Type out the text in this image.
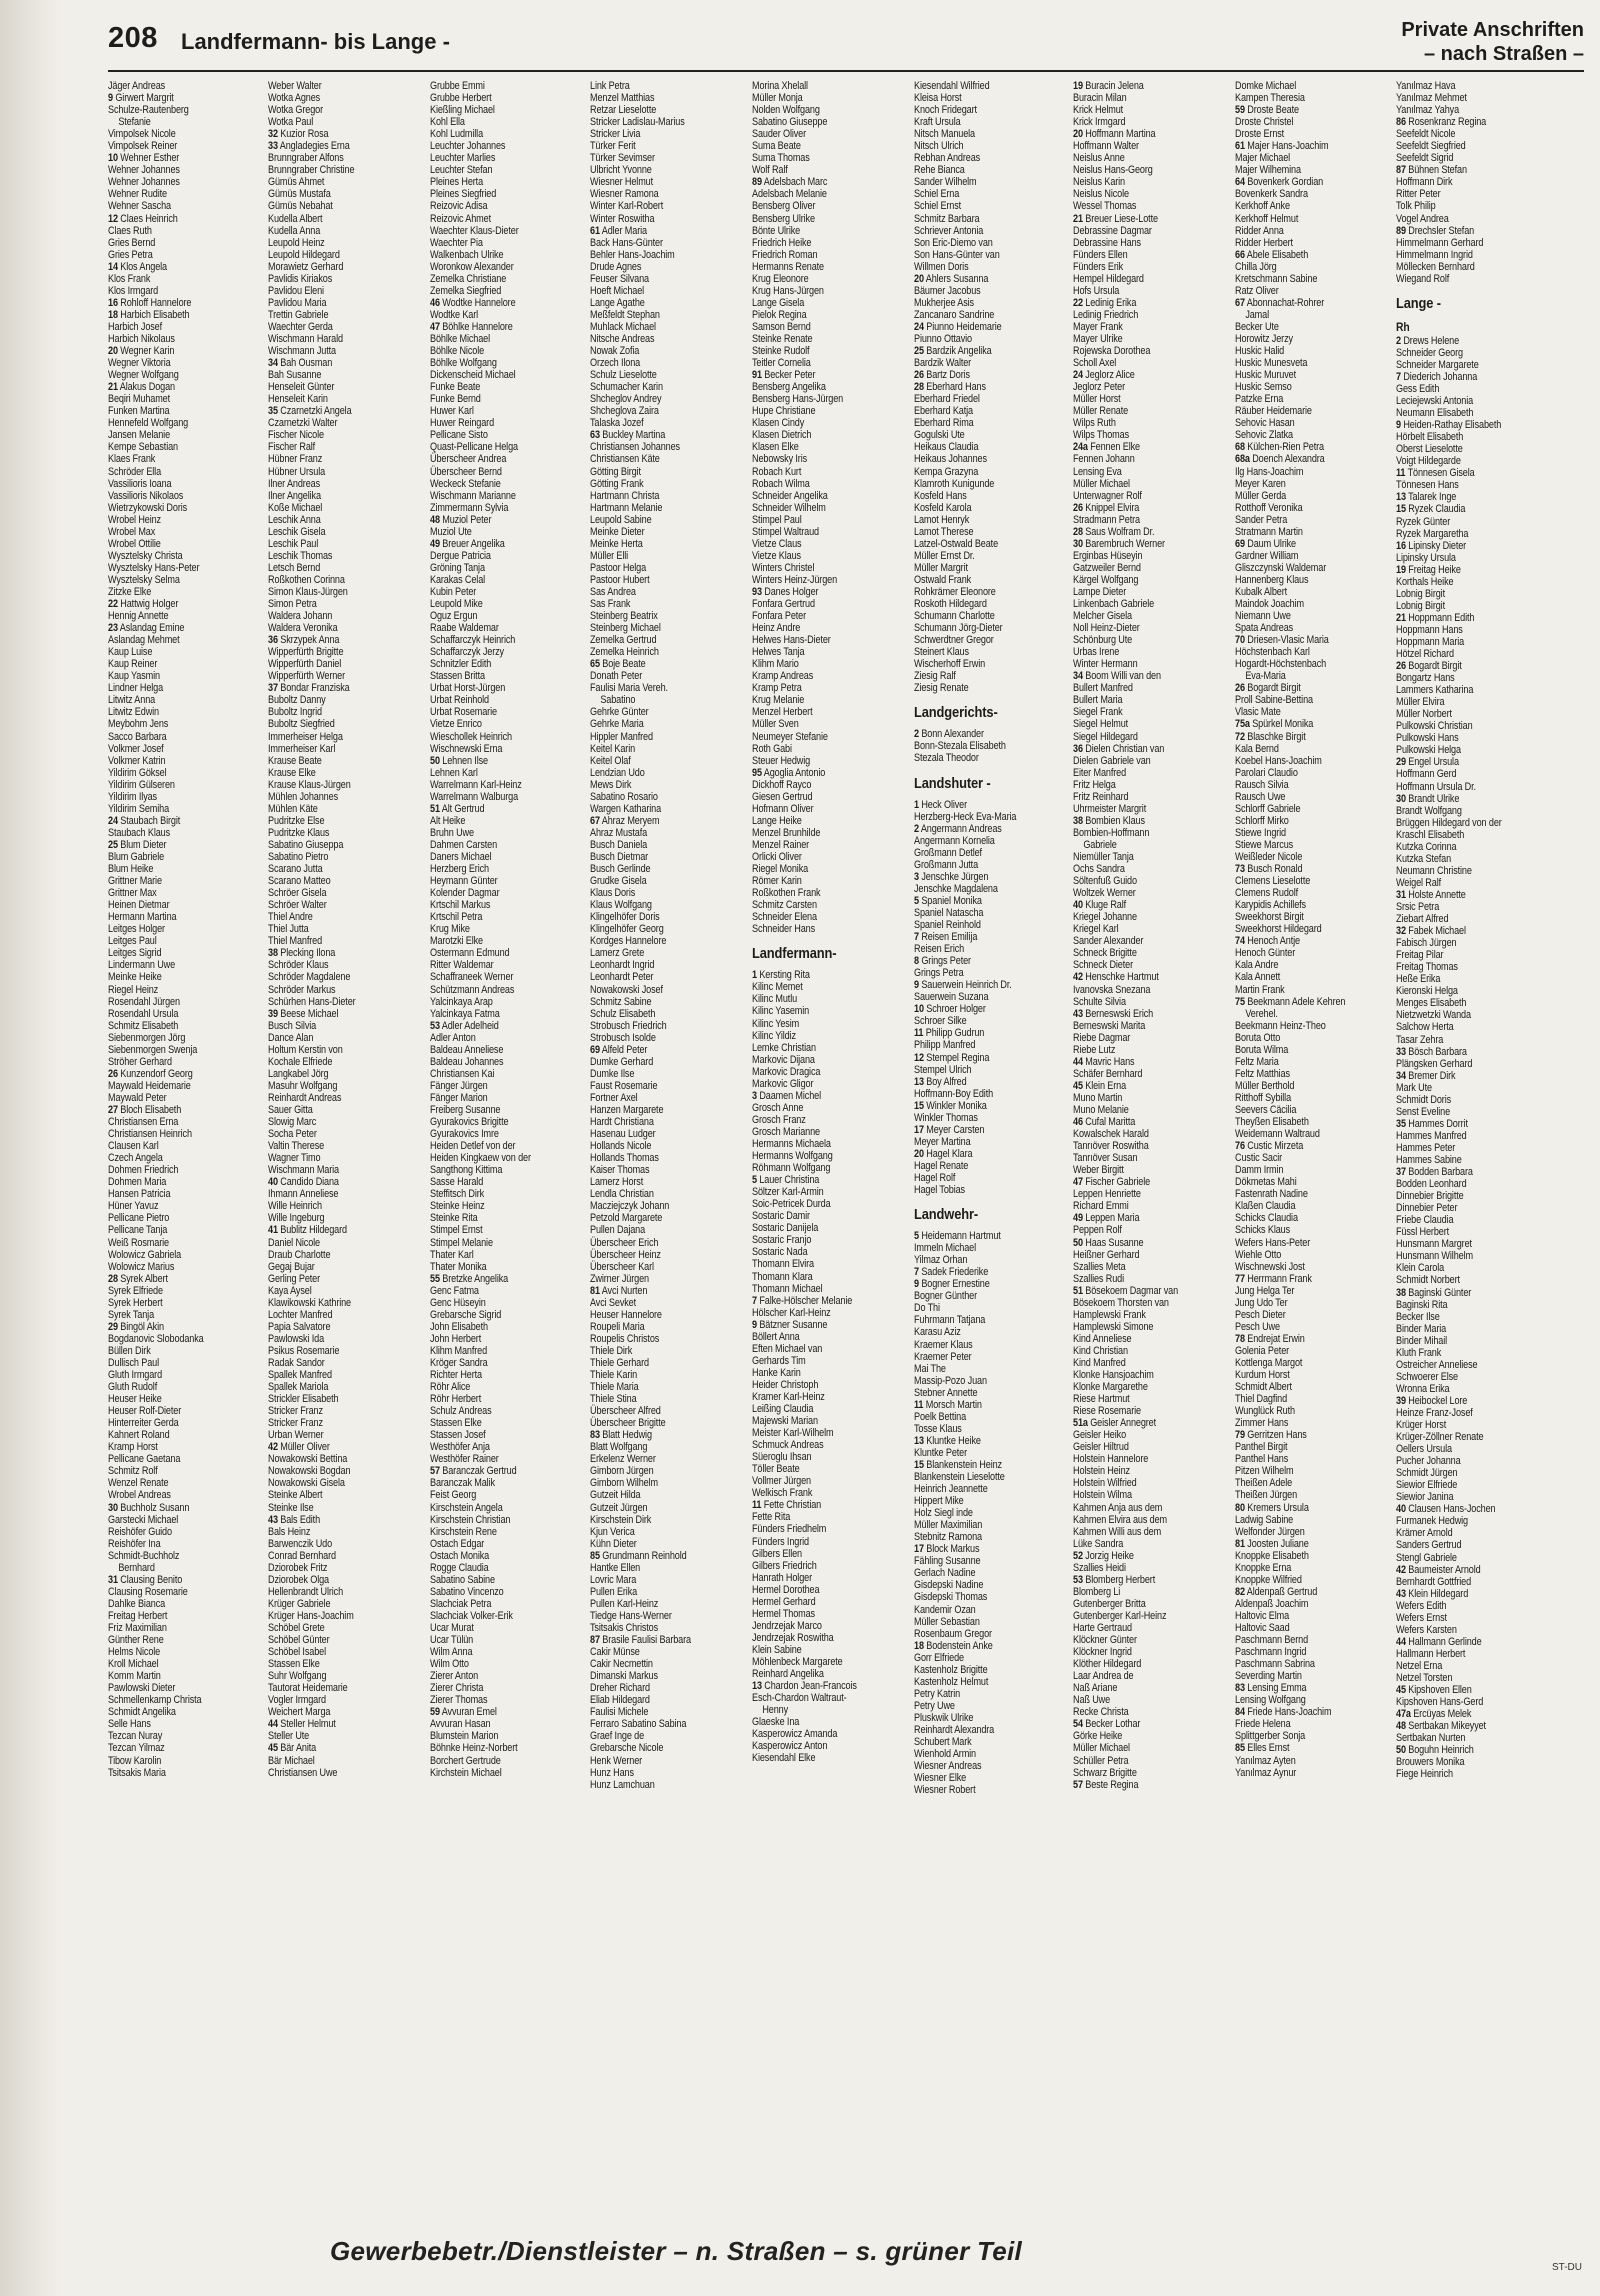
208 Landfermann- bis Lange -	Private Anschriften
– nach Straßen –
Jäger Andreas
9 Girwert Margrit
Schulze-Rautenberg
Stefanie
Vimpolsek Nicole
Vimpolsek Reiner
10 Wehner Esther
Wehner Johannes
Wehner Johannes
Wehner Rudite
Wehner Sascha
12 Claes Heinrich
Claes Ruth
Gries Bernd
Gries Petra
14 Klos Angela
Klos Frank
Klos Irmgard
16 Rohloff Hannelore
18 Harbich Elisabeth
Harbich Josef
Harbich Nikolaus
20 Wegner Karin
Wegner Viktoria
Wegner Wolfgang
21 Alakus Dogan
Beqiri Muhamet
Funken Martina
Hennefeld Wolfgang
Jansen Melanie
Kempe Sebastian
Klaes Frank
Schröder Ella
Vassilioris Ioana
Vassilioris Nikolaos
Wietrzykowski Doris
Wrobel Heinz
Wrobel Max
Wrobel Ottilie
Wysztelsky Christa
Wysztelsky Hans-Peter
Wysztelsky Selma
Zitzke Elke
22 Hattwig Holger
Hennig Annette
23 Aslandag Emine
Aslandag Mehmet
Kaup Luise
Kaup Reiner
Kaup Yasmin
Lindner Helga
Litwitz Anna
Litwitz Edwin
Meybohm Jens
Sacco Barbara
Volkmer Josef
Volkmer Katrin
Yildirim Göksel
Yildirim Gülseren
Yildirim Ilyas
Yildirim Semiha
24 Staubach Birgit
Staubach Klaus
25 Blum Dieter
Blum Gabriele
Blum Heike
Grittner Marie
Grittner Max
Heinen Dietmar
Hermann Martina
Leitges Holger
Leitges Paul
Leitges Sigrid
Lindermann Uwe
Meinke Heike
Riegel Heinz
Rosendahl Jürgen
Rosendahl Ursula
Schmitz Elisabeth
Siebenmorgen Jörg
Siebenmorgen Swenja
Ströher Gerhard
26 Kunzendorf Georg
Maywald Heidemarie
Maywald Peter
27 Bloch Elisabeth
Christiansen Erna
Christiansen Heinrich
Clausen Karl
Czech Angela
Dohmen Friedrich
Dohmen Maria
Hansen Patricia
Hüner Yavuz
Pellicane Pietro
Pellicane Tanja
Weiß Rosmarie
Wolowicz Gabriela
Wolowicz Marius
28 Syrek Albert
Syrek Elfriede
Syrek Herbert
Syrek Tanja
29 Bingöl Akin
Bogdanovic Slobodanka
Büllen Dirk
Dullisch Paul
Gluth Irmgard
Gluth Rudolf
Heuser Heike
Heuser Rolf-Dieter
Hinterreiter Gerda
Kahnert Roland
Kramp Horst
Pellicane Gaetana
Schmitz Rolf
Wenzel Renate
Wrobel Andreas
30 Buchholz Susann
Garstecki Michael
Reishöfer Guido
Reishöfer Ina
Schmidt-Buchholz
Bernhard
31 Clausing Benito
Clausing Rosemarie
Dahlke Bianca
Freitag Herbert
Friz Maximilian
Günther Rene
Helms Nicole
Kroll Michael
Komm Martin
Pawlowski Dieter
Schmellenkamp Christa
Schmidt Angelika
Selle Hans
Tezcan Nuray
Tezcan Yilmaz
Tibow Karolin
Tsitsakis Maria
Weber Walter
Wotka Agnes
Wotka Gregor
Wotka Paul
32 Kuzior Rosa
33 Angladegies Erna
Brunngraber Alfons
Brunngraber Christine
Gümüs Ahmet
Gümüs Mustafa
Gümüs Nebahat
Kudella Albert
Kudella Anna
Leupold Heinz
Leupold Hildegard
Morawietz Gerhard
Pavlidis Kiriakos
Pavlidou Eleni
Pavlidou Maria
Trettin Gabriele
Waechter Gerda
Wischmann Harald
Wischmann Jutta
34 Bah Ousman
Bah Susanne
Henseleit Günter
Henseleit Karin
35 Czarnetzki Angela
Czarnetzki Walter
Fischer Nicole
Fischer Ralf
Hübner Franz
Hübner Ursula
Ilner Andreas
Ilner Angelika
Koße Michael
Leschik Anna
Leschik Gisela
Leschik Paul
Leschik Thomas
Letsch Bernd
Roßkothen Corinna
Simon Klaus-Jürgen
Simon Petra
Waldera Johann
Waldera Veronika
36 Skrzypek Anna
Wipperfürth Brigitte
Wipperfürth Daniel
Wipperfürth Werner
37 Bondar Franziska
Buboltz Danny
Buboltz Ingrid
Buboltz Siegfried
Immerheiser Helga
Immerheiser Karl
Krause Beate
Krause Elke
Krause Klaus-Jürgen
Mühlen Johannes
Mühlen Käte
Pudritzke Else
Pudritzke Klaus
Sabatino Giuseppa
Sabatino Pietro
Scarano Jutta
Scarano Matteo
Schröer Gisela
Schröer Walter
Thiel Andre
Thiel Jutta
Thiel Manfred
38 Plecking Ilona
Schröder Klaus
Schröder Magdalene
Schröder Markus
Schürhen Hans-Dieter
39 Beese Michael
Busch Silvia
Dance Alan
Holtum Kerstin von
Kochale Elfriede
Langkabel Jörg
Masuhr Wolfgang
Reinhardt Andreas
Sauer Gitta
Slowig Marc
Socha Peter
Valtin Therese
Wagner Timo
Wischmann Maria
40 Candido Diana
Ihmann Anneliese
Wille Heinrich
Wille Ingeburg
41 Bublitz Hildegard
Daniel Nicole
Draub Charlotte
Gegaj Bujar
Gerling Peter
Kaya Aysel
Klawikowski Kathrine
Lochter Manfred
Papia Salvatore
Pawlowski Ida
Psikus Rosemarie
Radak Sandor
Spallek Manfred
Spallek Mariola
Strickler Elisabeth
Stricker Franz
Stricker Franz
Urban Werner
42 Müller Oliver
Nowakowski Bettina
Nowakowski Bogdan
Nowakowski Gisela
Steinke Albert
Steinke Ilse
43 Bals Edith
Bals Heinz
Barwenczik Udo
Conrad Bernhard
Dziorobek Fritz
Dziorobek Olga
Hellenbrandt Ulrich
Krüger Gabriele
Krüger Hans-Joachim
Schöbel Grete
Schöbel Günter
Schöbel Isabel
Stassen Elke
Suhr Wolfgang
Tautorat Heidemarie
Vogler Irmgard
Weichert Marga
44 Steller Helmut
Steller Ute
45 Bär Anita
Bär Michael
Christiansen Uwe
Grubbe Emmi
Grubbe Herbert
Kießling Michael
Kohl Ella
Kohl Ludmilla
Leuchter Johannes
Leuchter Marlies
Leuchter Stefan
Pleines Herta
Pleines Siegfried
Reizovic Adisa
Reizovic Ahmet
Waechter Klaus-Dieter
Waechter Pia
Walkenbach Ulrike
Woronkow Alexander
Zemelka Christiane
Zemelka Siegfried
46 Wodtke Hannelore
Wodtke Karl
47 Böhlke Hannelore
Böhlke Michael
Böhlke Nicole
Böhlke Wolfgang
Dickenscheid Michael
Funke Beate
Funke Bernd
Huwer Karl
Huwer Reingard
Pellicane Sisto
Quast-Pellicane Helga
Überscheer Andrea
Überscheer Bernd
Weckeck Stefanie
Wischmann Marianne
Zimmermann Sylvia
48 Muziol Peter
Muziol Ute
49 Breuer Angelika
Dergue Patricia
Gröning Tanja
Karakas Celal
Kubin Peter
Leupold Mike
Oguz Ergun
Raabe Waldemar
Schaffarczyk Heinrich
Schaffarczyk Jerzy
Schnitzler Edith
Stassen Britta
Urbat Horst-Jürgen
Urbat Reinhold
Urbat Rosemarie
Vietze Enrico
Wieschollek Heinrich
Wischnewski Erna
50 Lehnen Ilse
Lehnen Karl
Warrelmann Karl-Heinz
Warrelmann Walburga
51 Alt Gertrud
Alt Heike
Bruhn Uwe
Dahmen Carsten
Daners Michael
Herzberg Erich
Heymann Günter
Kolender Dagmar
Krtschil Markus
Krtschil Petra
Krug Mike
Marotzki Elke
Ostermann Edmund
Ritter Waldemar
Schaffraneek Werner
Schützmann Andreas
Yalcinkaya Arap
Yalcinkaya Fatma
53 Adler Adelheid
Adler Anton
Baldeau Anneliese
Baldeau Johannes
Christiansen Kai
Fänger Jürgen
Fänger Marion
Freiberg Susanne
Gyurakovics Brigitte
Gyurakovics Imre
Heiden Detlef von der
Heiden Kingkaew von der
Sangthong Kittima
Sasse Harald
Steffitsch Dirk
Steinke Heinz
Steinke Rita
Stimpel Ernst
Stimpel Melanie
Thater Karl
Thater Monika
55 Bretzke Angelika
Genc Fatma
Genc Hüseyin
Grebarsche Sigrid
John Elisabeth
John Herbert
Klihm Manfred
Kröger Sandra
Richter Herta
Röhr Alice
Röhr Herbert
Schulz Andreas
Stassen Elke
Stassen Josef
Westhöfer Anja
Westhöfer Rainer
57 Baranczak Gertrud
Baranczak Malik
Feist Georg
Kirschstein Angela
Kirschstein Christian
Kirschstein Rene
Ostach Edgar
Ostach Monika
Rogge Claudia
Sabatino Sabine
Sabatino Vincenzo
Slachciak Petra
Slachciak Volker-Erik
Ucar Murat
Ucar Tülün
Wilm Anna
Wilm Otto
Zierer Anton
Zierer Christa
Zierer Thomas
59 Avvuran Emel
Avvuran Hasan
Blumstein Marion
Böhnke Heinz-Norbert
Borchert Gertrude
Kirchstein Michael
Link Petra
Menzel Matthias
Retzar Lieselotte
Stricker Ladislau-Marius
Stricker Livia
Türker Ferit
Türker Sevimser
Ulbricht Yvonne
Wiesner Helmut
Wiesner Ramona
Winter Karl-Robert
Winter Roswitha
61 Adler Maria
Back Hans-Günter
Behler Hans-Joachim
Drude Agnes
Feuser Silvana
Hoeft Michael
Lange Agathe
Meßfeldt Stephan
Muhlack Michael
Nitsche Andreas
Nowak Zofia
Orzech Ilona
Schulz Lieselotte
Schumacher Karin
Shcheglov Andrey
Shcheglova Zaira
Talaska Jozef
63 Buckley Martina
Christiansen Johannes
Christiansen Käte
Götting Birgit
Götting Frank
Hartmann Christa
Hartmann Melanie
Leupold Sabine
Meinke Dieter
Meinke Herta
Müller Elli
Pastoor Helga
Pastoor Hubert
Sas Andrea
Sas Frank
Steinberg Beatrix
Steinberg Michael
Zemelka Gertrud
Zemelka Heinrich
65 Boje Beate
Donath Peter
Faulisi Maria Vereh.
Sabatino
Gehrke Günter
Gehrke Maria
Hippler Manfred
Keitel Karin
Keitel Olaf
Lendzian Udo
Mews Dirk
Sabatino Rosario
Wargen Katharina
67 Ahraz Meryem
Ahraz Mustafa
Busch Daniela
Busch Dietmar
Busch Gerlinde
Grudke Gisela
Klaus Doris
Klaus Wolfgang
Klingelhöfer Doris
Klingelhöfer Georg
Kordges Hannelore
Lamerz Grete
Leonhardt Ingrid
Leonhardt Peter
Nowakowski Josef
Schmitz Sabine
Schulz Elisabeth
Strobusch Friedrich
Strobusch Isolde
69 Alfeld Peter
Dumke Gerhard
Dumke Ilse
Faust Rosemarie
Fortner Axel
Hanzen Margarete
Hardt Christiana
Hasenau Ludger
Hollands Nicole
Hollands Thomas
Kaiser Thomas
Lamerz Horst
Lendla Christian
Macziejczyk Johann
Petzold Margarete
Pullen Dajana
Überscheer Erich
Überscheer Heinz
Überscheer Karl
Zwirner Jürgen
81 Avci Nurten
Avci Sevket
Heuser Hannelore
Roupeli Maria
Roupelis Christos
Thiele Dirk
Thiele Gerhard
Thiele Karin
Thiele Maria
Thiele Stina
Überscheer Alfred
Überscheer Brigitte
83 Blatt Hedwig
Blatt Wolfgang
Erkelenz Werner
Gimborn Jürgen
Gimborn Wilhelm
Gutzeit Hilda
Gutzeit Jürgen
Kirschstein Dirk
Kjun Verica
Kühn Dieter
85 Grundmann Reinhold
Hantke Ellen
Lovric Mara
Pullen Erika
Pullen Karl-Heinz
Tiedge Hans-Werner
Tsitsakis Christos
87 Brasile Faulisi Barbara
Cakir Münse
Cakir Necmettin
Dimanski Markus
Dreher Richard
Eliab Hildegard
Faulisi Michele
Ferraro Sabatino Sabina
Graef Inge de
Grebarsche Nicole
Henk Werner
Hunz Hans
Hunz Lamchuan
Morina Xhelall
Müller Monja
Nolden Wolfgang
Sabatino Giuseppe
Sauder Oliver
Suma Beate
Suma Thomas
Wolf Ralf
89 Adelsbach Marc
Adelsbach Melanie
Bensberg Oliver
Bensberg Ulrike
Bönte Ulrike
Friedrich Heike
Friedrich Roman
Hermanns Renate
Krug Eleonore
Krug Hans-Jürgen
Lange Gisela
Pielok Regina
Samson Bernd
Steinke Renate
Steinke Rudolf
Teitler Cornelia
91 Becker Peter
Bensberg Angelika
Bensberg Hans-Jürgen
Hupe Christiane
Klasen Cindy
Klasen Dietrich
Klasen Elke
Nebowsky Iris
Robach Kurt
Robach Wilma
Schneider Angelika
Schneider Wilhelm
Stimpel Paul
Stimpel Waltraud
Vietze Claus
Vietze Klaus
Winters Christel
Winters Heinz-Jürgen
93 Danes Holger
Fonfara Gertrud
Fonfara Peter
Heinz Andre
Helwes Hans-Dieter
Helwes Tanja
Klihm Mario
Kramp Andreas
Kramp Petra
Krug Melanie
Menzel Herbert
Müller Sven
Neumeyer Stefanie
Roth Gabi
Steuer Hedwig
95 Agoglia Antonio
Dickhoff Rayco
Giesen Gertrud
Hofmann Oliver
Lange Heike
Menzel Brunhilde
Menzel Rainer
Orlicki Oliver
Riegel Monika
Römer Karin
Roßkothen Frank
Schmitz Carsten
Schneider Elena
Schneider Hans
Landfermann-
1 Kersting Rita
Kilinc Memet
Kilinc Mutlu
Kilinc Yasemin
Kilinc Yesim
Kilinc Yildiz
Lemke Christian
Markovic Dijana
Markovic Dragica
Markovic Gligor
3 Daamen Michel
Grosch Anne
Grosch Franz
Grosch Marianne
Hermanns Michaela
Hermanns Wolfgang
Röhmann Wolfgang
5 Lauer Christina
Söltzer Karl-Armin
Soic-Petricek Durda
Sostaric Damir
Sostaric Danijela
Sostaric Franjo
Sostaric Nada
Thomann Elvira
Thomann Klara
Thomann Michael
7 Falke-Hölscher Melanie
Hölscher Karl-Heinz
9 Bätzner Susanne
Böllert Anna
Eften Michael van
Gerhards Tim
Hanke Karin
Heider Christoph
Kramer Karl-Heinz
Leißing Claudia
Majewski Marian
Meister Karl-Wilhelm
Schmuck Andreas
Süeroglu Ihsan
Töller Beate
Vollmer Jürgen
Welkisch Frank
11 Fette Christian
Fette Rita
Fünders Friedhelm
Fünders Ingrid
Gilbers Ellen
Gilbers Friedrich
Hanrath Holger
Hermel Dorothea
Hermel Gerhard
Hermel Thomas
Jendrzejak Marco
Jendrzejak Roswitha
Klein Sabine
Möhlenbeck Margarete
Reinhard Angelika
13 Chardon Jean-Francois
Esch-Chardon Waltraut-
Henny
Glaeske Ina
Kasperowicz Amanda
Kasperowicz Anton
Kiesendahl Elke
Kiesendahl Wilfried
Kleisa Horst
Knoch Fridegart
Kraft Ursula
Nitsch Manuela
Nitsch Ulrich
Rebhan Andreas
Rehe Bianca
Sander Wilhelm
Schiel Erna
Schiel Ernst
Schmitz Barbara
Schriever Antonia
Son Eric-Diemo van
Son Hans-Günter van
Willmen Doris
20 Ahlers Susanna
Bäumer Jacobus
Mukherjee Asis
Zancanaro Sandrine
24 Piunno Heidemarie
Piunno Ottavio
25 Bardzik Angelika
Bardzik Walter
26 Bartz Doris
28 Eberhard Hans
Eberhard Friedel
Eberhard Katja
Eberhard Rima
Gogulski Ute
Heikaus Claudia
Heikaus Johannes
Kempa Grazyna
Klamroth Kunigunde
Kosfeld Hans
Kosfeld Karola
Lamot Henryk
Lamot Therese
Latzel-Ostwald Beate
Müller Ernst Dr.
Müller Margrit
Ostwald Frank
Rohkrämer Eleonore
Roskoth Hildegard
Schumann Charlotte
Schumann Jörg-Dieter
Schwerdtner Gregor
Steinert Klaus
Wischerhoff Erwin
Ziesig Ralf
Ziesig Renate
Landgerichts-
2 Bonn Alexander
Bonn-Stezala Elisabeth
Stezala Theodor
Landshuter -
1 Heck Oliver
Herzberg-Heck Eva-Maria
2 Angermann Andreas
Angermann Kornelia
Großmann Detlef
Großmann Jutta
3 Jenschke Jürgen
Jenschke Magdalena
5 Spaniel Monika
Spaniel Natascha
Spaniel Reinhold
7 Reisen Emilija
Reisen Erich
8 Grings Peter
Grings Petra
9 Sauerwein Heinrich Dr.
Sauerwein Suzana
10 Schroer Holger
Schroer Silke
11 Philipp Gudrun
Philipp Manfred
12 Stempel Regina
Stempel Ulrich
13 Boy Alfred
Hoffmann-Boy Edith
15 Winkler Monika
Winkler Thomas
17 Meyer Carsten
Meyer Martina
20 Hagel Klara
Hagel Renate
Hagel Rolf
Hagel Tobias
Landwehr-
5 Heidemann Hartmut
Immeln Michael
Yilmaz Orhan
7 Sadek Friederike
9 Bogner Ernestine
Bogner Günther
Do Thi
Fuhrmann Tatjana
Karasu Aziz
Kraemer Klaus
Kraemer Peter
Mai The
Massip-Pozo Juan
Stebner Annette
11 Morsch Martin
Poelk Bettina
Tosse Klaus
13 Kluntke Heike
Kluntke Peter
15 Blankenstein Heinz
Blankenstein Lieselotte
Heinrich Jeannette
Hippert Mike
Holz Siegl inde
Müller Maximilian
Stebnitz Ramona
17 Block Markus
Fähling Susanne
Gerlach Nadine
Gisdepski Nadine
Gisdepski Thomas
Kandemir Ozan
Müller Sebastian
Rosenbaum Gregor
18 Bodenstein Anke
Gorr Elfriede
Kastenholz Brigitte
Kastenholz Helmut
Petry Katrin
Petry Uwe
Pluskwik Ulrike
Reinhardt Alexandra
Schubert Mark
Wienhold Armin
Wiesner Andreas
Wiesner Elke
Wiesner Robert
19 Buracin Jelena
Buracin Milan
Krick Helmut
Krick Irmgard
20 Hoffmann Martina
Hoffmann Walter
Neislus Anne
Neislus Hans-Georg
Neislus Karin
Neislus Nicole
Wessel Thomas
21 Breuer Liese-Lotte
Debrassine Dagmar
Debrassine Hans
Fünders Ellen
Fünders Erik
Hempel Hildegard
Hofs Ursula
22 Ledinig Erika
Ledinig Friedrich
Mayer Frank
Mayer Ulrike
Rojewska Dorothea
Scholl Axel
24 Jeglorz Alice
Jeglorz Peter
Müller Horst
Müller Renate
Wilps Ruth
Wilps Thomas
24a Fennen Elke
Fennen Johann
Lensing Eva
Müller Michael
Unterwagner Rolf
26 Knippel Elvira
Stradmann Petra
28 Saus Wolfram Dr.
30 Barembruch Werner
Erginbas Hüseyin
Gatzweiler Bernd
Kärgel Wolfgang
Lampe Dieter
Linkenbach Gabriele
Melcher Gisela
Noll Heinz-Dieter
Schönburg Ute
Urbas Irene
Winter Hermann
34 Boom Willi van den
Bullert Manfred
Bullert Maria
Siegel Frank
Siegel Helmut
Siegel Hildegard
36 Dielen Christian van
Dielen Gabriele van
Eiter Manfred
Fritz Helga
Fritz Reinhard
Uhrmeister Margrit
38 Bombien Klaus
Bombien-Hoffmann
Gabriele
Niemüller Tanja
Ochs Sandra
Söltenfuß Guido
Woltzek Werner
40 Kluge Ralf
Kriegel Johanne
Kriegel Karl
Sander Alexander
Schneck Brigitte
Schneck Dieter
42 Henschke Hartmut
Ivanovska Snezana
Schulte Silvia
43 Berneswski Erich
Berneswski Marita
Riebe Dagmar
Riebe Lutz
44 Mavric Hans
Schäfer Bernhard
45 Klein Erna
Muno Martin
Muno Melanie
46 Cufal Maritta
Kowalschek Harald
Tanrıöver Roswitha
Tanrıöver Susan
Weber Birgitt
47 Fischer Gabriele
Leppen Henriette
Richard Emmi
49 Leppen Maria
Peppen Rolf
50 Haas Susanne
Heißner Gerhard
Szallies Meta
Szallies Rudi
51 Bösekoem Dagmar van
Bösekoem Thorsten van
Hamplewski Frank
Hamplewski Simone
Kind Anneliese
Kind Christian
Kind Manfred
Klonke Hansjoachim
Klonke Margarethe
Riese Hartmut
Riese Rosemarie
51a Geisler Annegret
Geisler Heiko
Geisler Hiltrud
Holstein Hannelore
Holstein Heinz
Holstein Wilfried
Holstein Wilma
Kahmen Anja aus dem
Kahmen Elvira aus dem
Kahmen Willi aus dem
Lüke Sandra
52 Jorzig Heike
Szallies Heidi
53 Blomberg Herbert
Blomberg Li
Gutenberger Britta
Gutenberger Karl-Heinz
Harte Gertraud
Klöckner Günter
Klöckner Ingrid
Klöther Hildegard
Laar Andrea de
Naß Ariane
Naß Uwe
Recke Christa
54 Becker Lothar
Görke Heike
Müller Michael
Schüller Petra
Schwarz Brigitte
57 Beste Regina
Domke Michael
Kampen Theresia
59 Droste Beate
Droste Christel
Droste Ernst
61 Majer Hans-Joachim
Majer Michael
Majer Wilhemina
64 Bovenkerk Gordian
Bovenkerk Sandra
Kerkhoff Anke
Kerkhoff Helmut
Ridder Anna
Ridder Herbert
66 Abele Elisabeth
Chilla Jörg
Kretschmann Sabine
Ratz Oliver
67 Abonnachat-Rohrer
Jamal
Becker Ute
Horowitz Jerzy
Huskic Halid
Huskic Munesveta
Huskic Muruvet
Huskic Semso
Patzke Erna
Räuber Heidemarie
Sehovic Hasan
Sehovic Zlatka
68 Külchen-Rien Petra
68a Doench Alexandra
Ilg Hans-Joachim
Meyer Karen
Müller Gerda
Rotthoff Veronika
Sander Petra
Stratmann Martin
69 Daum Ulrike
Gardner William
Gliszczynski Waldemar
Hannenberg Klaus
Kubalk Albert
Maindok Joachim
Niemann Uwe
Spata Andreas
70 Driesen-Vlasic Maria
Höchstenbach Karl
Hogardt-Höchstenbach
Eva-Maria
26 Bogardt Birgit
Proll Sabine-Bettina
Vlasic Mate
75a Spürkel Monika
72 Blaschke Birgit
Kala Bernd
Koebel Hans-Joachim
Parolari Claudio
Rausch Silvia
Rausch Uwe
Schlorff Gabriele
Schlorff Mirko
Stiewe Ingrid
Stiewe Marcus
Weißleder Nicole
73 Busch Ronald
Clemens Lieselotte
Clemens Rudolf
Karypidis Achillefs
Sweekhorst Birgit
Sweekhorst Hildegard
74 Henoch Antje
Henoch Günter
Kala Andre
Kala Annett
Martin Frank
75 Beekmann Adele Kehren
Verehel.
Beekmann Heinz-Theo
Boruta Otto
Boruta Wilma
Feltz Maria
Feltz Matthias
Müller Berthold
Ritthoff Sybilla
Seevers Cäcilia
Theyßen Elisabeth
Weidemann Waltraud
76 Custic Mirzeta
Custic Sacir
Damm Irmin
Dökmetas Mahi
Fastenrath Nadine
Klaßen Claudia
Schicks Claudia
Schicks Klaus
Wefers Hans-Peter
Wiehle Otto
Wischnewski Jost
77 Herrmann Frank
Jung Helga Ter
Jung Udo Ter
Pesch Dieter
Pesch Uwe
78 Endrejat Erwin
Golenia Peter
Kottlenga Margot
Kurdum Horst
Schmidt Albert
Thiel Dagfind
Wunglück Ruth
Zimmer Hans
79 Gerritzen Hans
Panthel Birgit
Panthel Hans
Pitzen Wilhelm
Theißen Adele
Theißen Jürgen
80 Kremers Ursula
Ladwig Sabine
Welfonder Jürgen
81 Joosten Juliane
Knoppke Elisabeth
Knoppke Erna
Knoppke Wilfried
82 Aldenpaß Gertrud
Aldenpaß Joachim
Haltovic Elma
Haltovic Saad
Paschmann Bernd
Paschmann Ingrid
Paschmann Sabrina
Severding Martin
83 Lensing Emma
Lensing Wolfgang
84 Friede Hans-Joachim
Friede Helena
Splittgerber Sonja
85 Elles Ernst
Yanılmaz Ayten
Yanılmaz Aynur
Yanılmaz Hava
Yanılmaz Mehmet
Yanılmaz Yahya
86 Rosenkranz Regina
Seefeldt Nicole
Seefeldt Siegfried
Seefeldt Sigrid
87 Bühnen Stefan
Hoffmann Dirk
Ritter Peter
Tolk Philip
Vogel Andrea
89 Drechsler Stefan
Himmelmann Gerhard
Himmelmann Ingrid
Möllecken Bernhard
Wiegand Rolf
Lange -
Rh
2 Drews Helene
Schneider Georg
Schneider Margarete
7 Diederich Johanna
Gess Edith
Leciejewski Antonia
Neumann Elisabeth
9 Heiden-Rathay Elisabeth
Hörbelt Elisabeth
Oberst Lieselotte
Voigt Hildegarde
11 Tönnesen Gisela
Tönnesen Hans
13 Talarek Inge
15 Ryzek Claudia
Ryzek Günter
Ryzek Margaretha
16 Lipinsky Dieter
Lipinsky Ursula
19 Freitag Heike
Korthals Heike
Lobnig Birgit
Lobnig Birgit
21 Hoppmann Edith
Hoppmann Hans
Hoppmann Maria
Hötzel Richard
26 Bogardt Birgit
Bongartz Hans
Lammers Katharina
Müller Elvira
Müller Norbert
Pulkowski Christian
Pulkowski Hans
Pulkowski Helga
29 Engel Ursula
Hoffmann Gerd
Hoffmann Ursula Dr.
30 Brandt Ulrike
Brandt Wolfgang
Brüggen Hildegard von der
Kraschl Elisabeth
Kutzka Corinna
Kutzka Stefan
Neumann Christine
Weigel Ralf
31 Holste Annette
Srsic Petra
Ziebart Alfred
32 Fabek Michael
Fabisch Jürgen
Freitag Pilar
Freitag Thomas
Heße Erika
Kieronski Helga
Menges Elisabeth
Nietzwetzki Wanda
Salchow Herta
Tasar Zehra
33 Bösch Barbara
Plängsken Gerhard
34 Bremer Dirk
Mark Ute
Schmidt Doris
Senst Eveline
35 Hammes Dorrit
Hammes Manfred
Hammes Peter
Hammes Sabine
37 Bodden Barbara
Bodden Leonhard
Dinnebier Brigitte
Dinnebier Peter
Friebe Claudia
Füssl Herbert
Hunsmann Margret
Hunsmann Wilhelm
Klein Carola
Schmidt Norbert
38 Baginski Günter
Baginski Rita
Becker Ilse
Binder Maria
Binder Mihail
Kluth Frank
Ostreicher Anneliese
Schwoerer Else
Wronna Erika
39 Heibockel Lore
Heinze Franz-Josef
Krüger Horst
Krüger-Zöllner Renate
Oellers Ursula
Pucher Johanna
Schmidt Jürgen
Siewior Elfriede
Siewior Janina
40 Clausen Hans-Jochen
Furmanek Hedwig
Krämer Arnold
Sanders Gertrud
Stengl Gabriele
42 Baumeister Arnold
Bernhardt Gottfried
43 Klein Hildegard
Wefers Edith
Wefers Ernst
Wefers Karsten
44 Hallmann Gerlinde
Hallmann Herbert
Netzel Erna
Netzel Torsten
45 Kipshoven Ellen
Kipshoven Hans-Gerd
47a Ercüyas Melek
48 Sertbakan Mikeyyet
Sertbakan Nurten
50 Boguhn Heinrich
Brouwers Monika
Fiege Heinrich
Gewerbebetr./Dienstleister – n. Straßen – s. grüner Teil
ST-DU
